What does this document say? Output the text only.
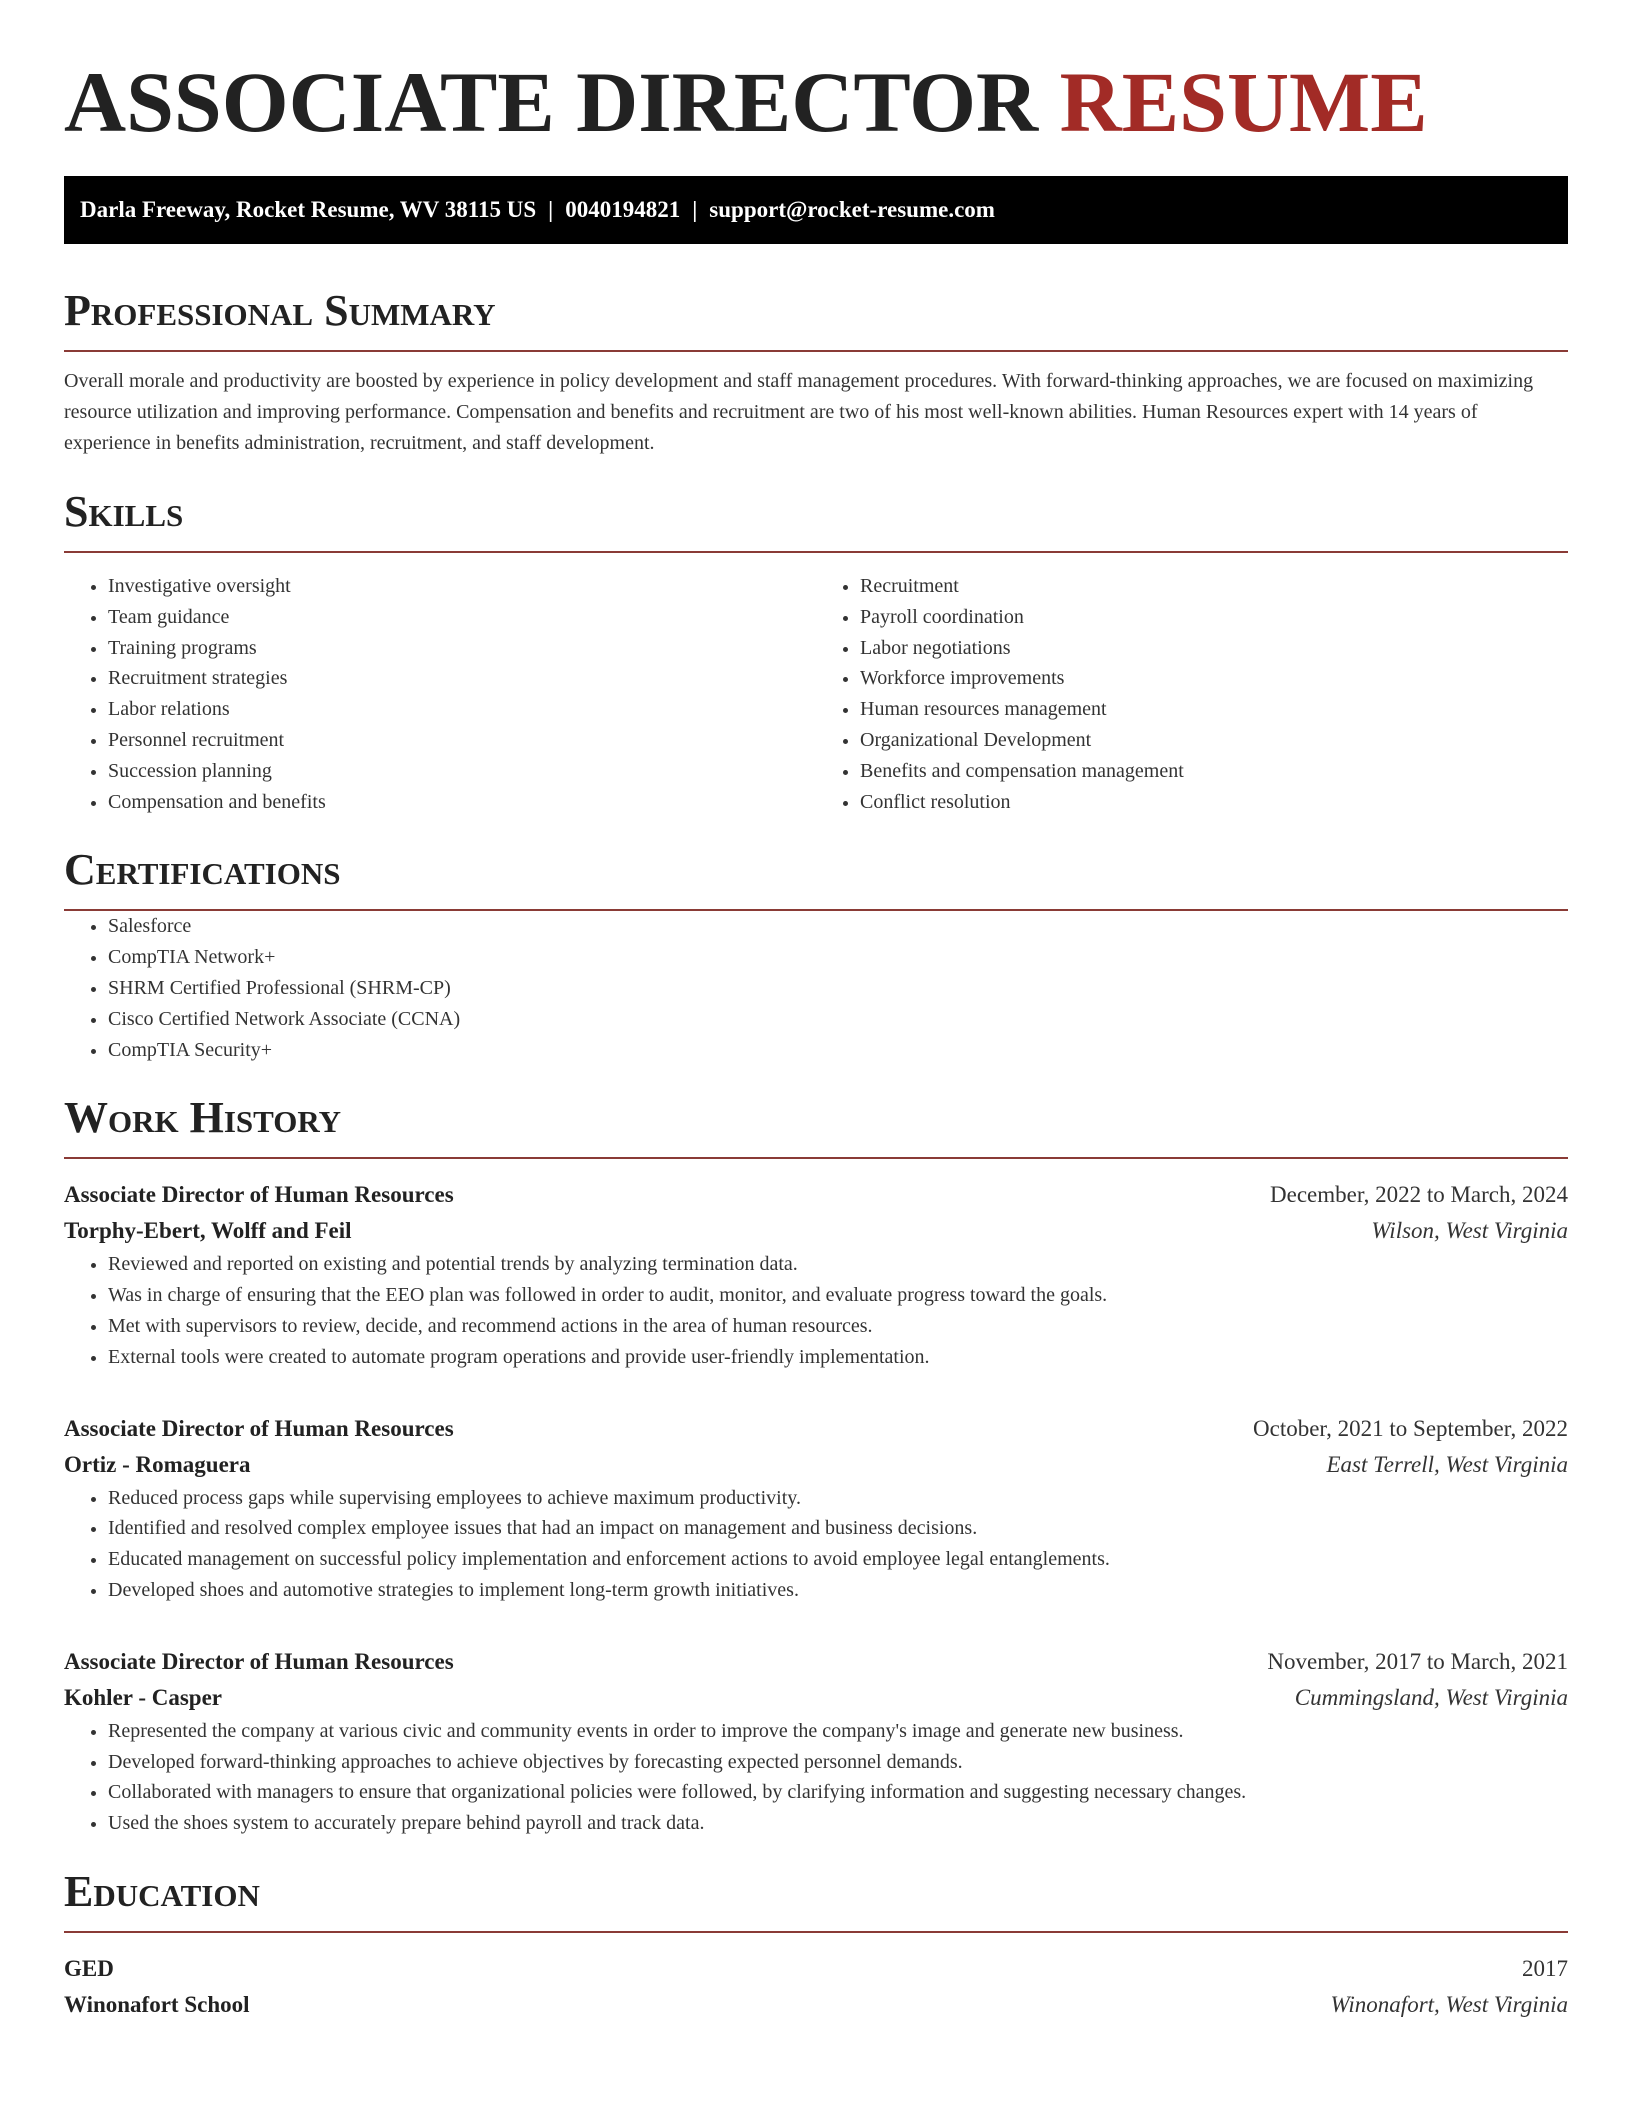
ASSOCIATE DIRECTOR RESUME
Darla Freeway, Rocket Resume, WV 38115 US | 0040194821 | support@rocket-resume.com
Professional Summary

Overall morale and productivity are boosted by experience in policy development and staff management procedures. With forward-thinking approaches, we are focused on maximizing resource utilization and improving performance. Compensation and benefits and recruitment are two of his most well-known abilities. Human Resources expert with 14 years of experience in benefits administration, recruitment, and staff development.

Skills
• Investigative oversight
• Team guidance
• Training programs
• Recruitment strategies
• Labor relations
• Personnel recruitment
• Succession planning
• Compensation and benefits
• Recruitment
• Payroll coordination
• Labor negotiations
• Workforce improvements
• Human resources management
• Organizational Development
• Benefits and compensation management
• Conflict resolution
Certifications
• Salesforce
• CompTIA Network+
• SHRM Certified Professional (SHRM-CP)
• Cisco Certified Network Associate (CCNA)
• CompTIA Security+
Work History
Associate Director of Human Resources	December, 2022 to March, 2024
Torphy-Ebert, Wolff and Feil	Wilson, West Virginia
• Reviewed and reported on existing and potential trends by analyzing termination data.
• Was in charge of ensuring that the EEO plan was followed in order to audit, monitor, and evaluate progress toward the goals.
• Met with supervisors to review, decide, and recommend actions in the area of human resources.
• External tools were created to automate program operations and provide user-friendly implementation.
Associate Director of Human Resources	October, 2021 to September, 2022
Ortiz - Romaguera	East Terrell, West Virginia
• Reduced process gaps while supervising employees to achieve maximum productivity.
• Identified and resolved complex employee issues that had an impact on management and business decisions.
• Educated management on successful policy implementation and enforcement actions to avoid employee legal entanglements.
• Developed shoes and automotive strategies to implement long-term growth initiatives.
Associate Director of Human Resources	November, 2017 to March, 2021
Kohler - Casper	Cummingsland, West Virginia
• Represented the company at various civic and community events in order to improve the company's image and generate new business.
• Developed forward-thinking approaches to achieve objectives by forecasting expected personnel demands.
• Collaborated with managers to ensure that organizational policies were followed, by clarifying information and suggesting necessary changes.
• Used the shoes system to accurately prepare behind payroll and track data.
Education
GED	2017
Winonafort School	Winonafort, West Virginia
